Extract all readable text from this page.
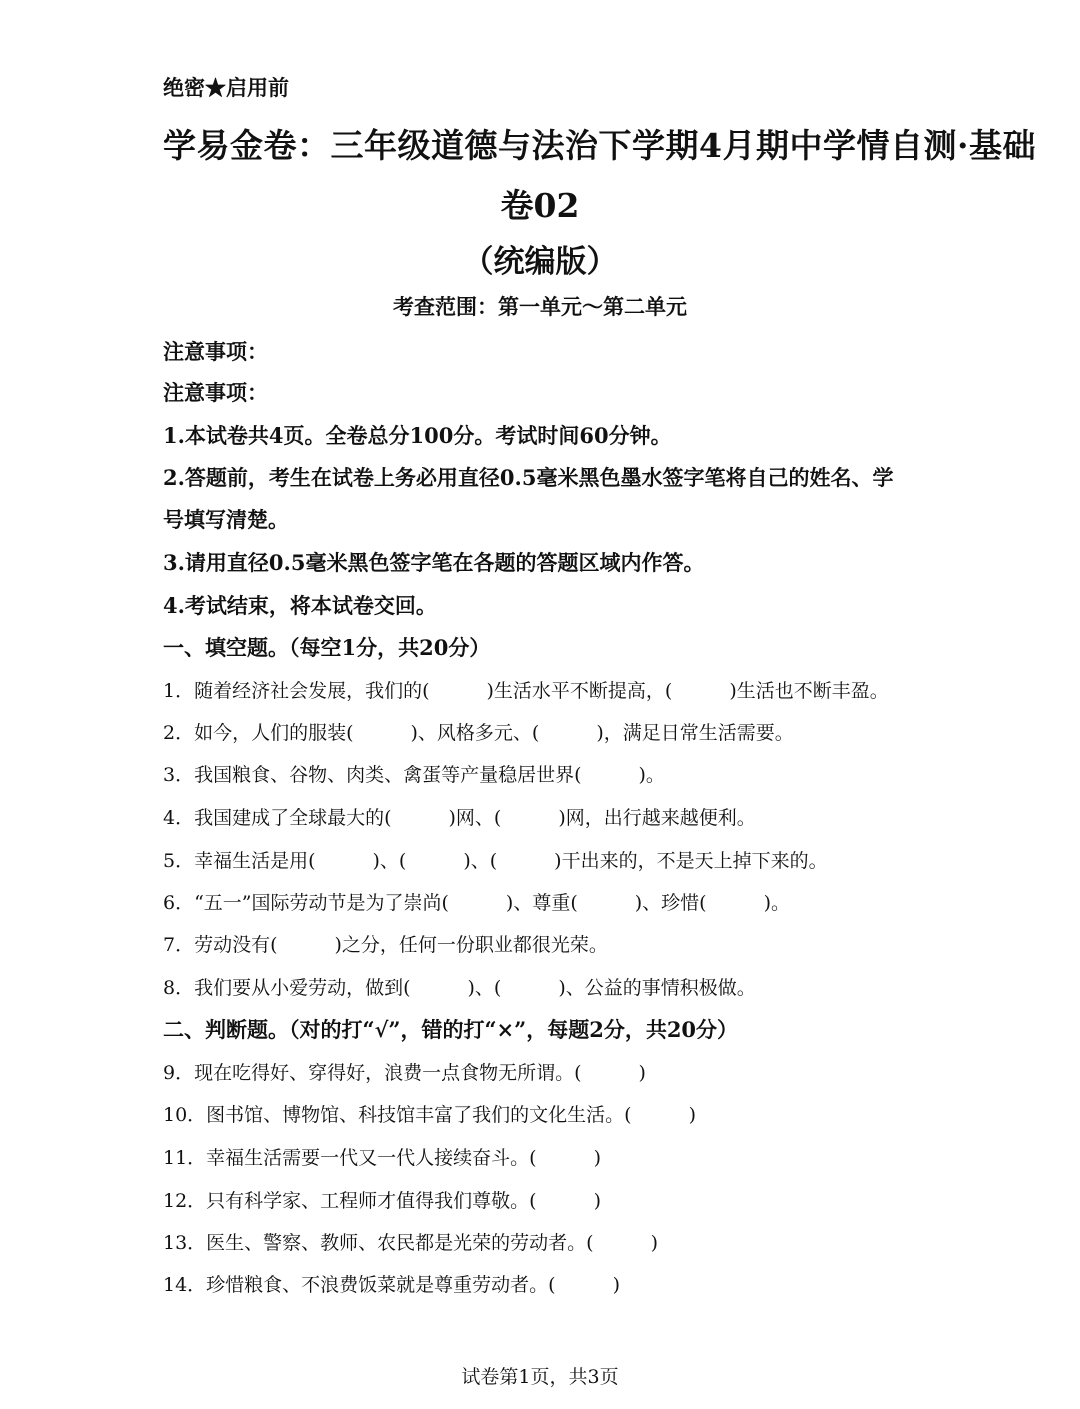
绝密★启用前
学易金卷：三年级道德与法治下学期4月期中学情自测·基础
卷02
（统编版）
考查范围：第一单元～第二单元
注意事项：
注意事项：
1.本试卷共4页。全卷总分100分。考试时间60分钟。
2.答题前，考生在试卷上务必用直径0.5毫米黑色墨水签字笔将自己的姓名、学
号填写清楚。
3.请用直径0.5毫米黑色签字笔在各题的答题区域内作答。
4.考试结束，将本试卷交回。
一、填空题。（每空1分，共20分）
1．随着经济社会发展，我们的(　　　)生活水平不断提高，(　　　)生活也不断丰盈。
2．如今，人们的服装(　　　)、风格多元、(　　　)，满足日常生活需要。
3．我国粮食、谷物、肉类、禽蛋等产量稳居世界(　　　)。
4．我国建成了全球最大的(　　　)网、(　　　)网，出行越来越便利。
5．幸福生活是用(　　　)、(　　　)、(　　　)干出来的，不是天上掉下来的。
6．“五一”国际劳动节是为了崇尚(　　　)、尊重(　　　)、珍惜(　　　)。
7．劳动没有(　　　)之分，任何一份职业都很光荣。
8．我们要从小爱劳动，做到(　　　)、(　　　)、公益的事情积极做。
二、判断题。（对的打“√”，错的打“×”，每题2分，共20分）
9．现在吃得好、穿得好，浪费一点食物无所谓。(　　　)
10．图书馆、博物馆、科技馆丰富了我们的文化生活。(　　　)
11．幸福生活需要一代又一代人接续奋斗。(　　　)
12．只有科学家、工程师才值得我们尊敬。(　　　)
13．医生、警察、教师、农民都是光荣的劳动者。(　　　)
14．珍惜粮食、不浪费饭菜就是尊重劳动者。(　　　)
试卷第1页，共3页
